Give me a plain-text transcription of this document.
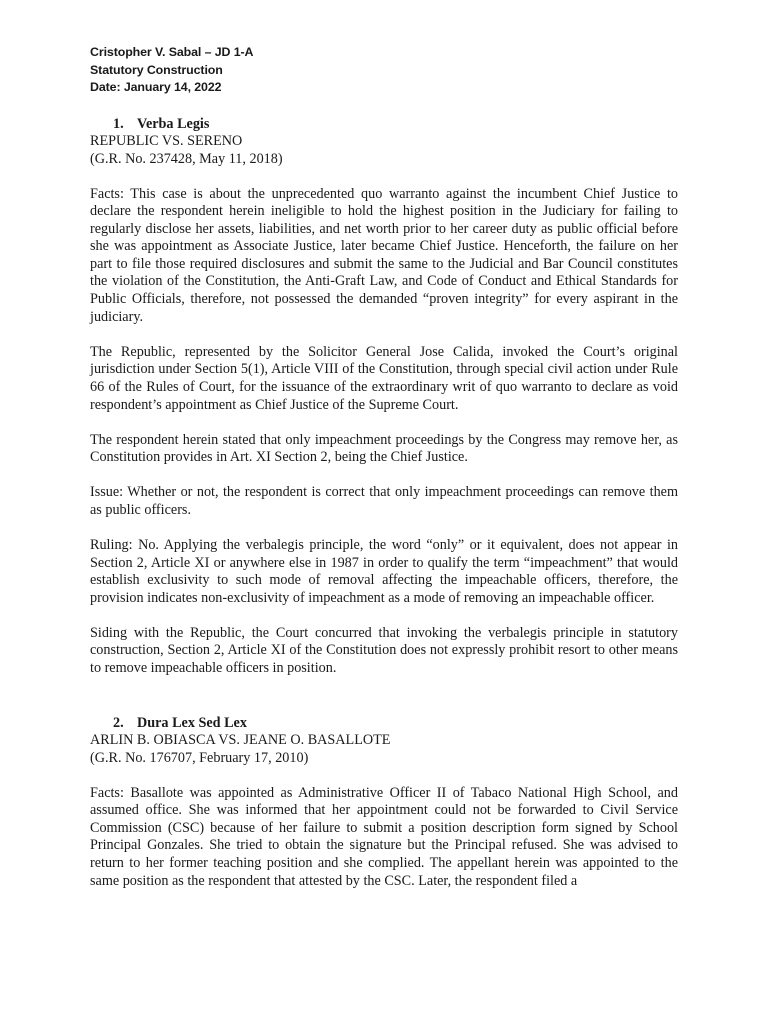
Cristopher V. Sabal – JD 1-A
Statutory Construction
Date: January 14, 2022
1. Verba Legis
REPUBLIC VS. SERENO
(G.R. No. 237428, May 11, 2018)

Facts: This case is about the unprecedented quo warranto against the incumbent Chief Justice to declare the respondent herein ineligible to hold the highest position in the Judiciary for failing to regularly disclose her assets, liabilities, and net worth prior to her career duty as public official before she was appointment as Associate Justice, later became Chief Justice. Henceforth, the failure on her part to file those required disclosures and submit the same to the Judicial and Bar Council constitutes the violation of the Constitution, the Anti-Graft Law, and Code of Conduct and Ethical Standards for Public Officials, therefore, not possessed the demanded “proven integrity” for every aspirant in the judiciary.

The Republic, represented by the Solicitor General Jose Calida, invoked the Court’s original jurisdiction under Section 5(1), Article VIII of the Constitution, through special civil action under Rule 66 of the Rules of Court, for the issuance of the extraordinary writ of quo warranto to declare as void respondent’s appointment as Chief Justice of the Supreme Court.

The respondent herein stated that only impeachment proceedings by the Congress may remove her, as Constitution provides in Art. XI Section 2, being the Chief Justice.

Issue: Whether or not, the respondent is correct that only impeachment proceedings can remove them as public officers.

Ruling: No. Applying the verbalegis principle, the word “only” or it equivalent, does not appear in Section 2, Article XI or anywhere else in 1987 in order to qualify the term “impeachment” that would establish exclusivity to such mode of removal affecting the impeachable officers, therefore, the provision indicates non-exclusivity of impeachment as a mode of removing an impeachable officer.

Siding with the Republic, the Court concurred that invoking the verbalegis principle in statutory construction, Section 2, Article XI of the Constitution does not expressly prohibit resort to other means to remove impeachable officers in position.

2. Dura Lex Sed Lex
ARLIN B. OBIASCA VS. JEANE O. BASALLOTE
(G.R. No. 176707, February 17, 2010)

Facts: Basallote was appointed as Administrative Officer II of Tabaco National High School, and assumed office. She was informed that her appointment could not be forwarded to Civil Service Commission (CSC) because of her failure to submit a position description form signed by School Principal Gonzales. She tried to obtain the signature but the Principal refused. She was advised to return to her former teaching position and she complied. The appellant herein was appointed to the same position as the respondent that attested by the CSC. Later, the respondent filed a
